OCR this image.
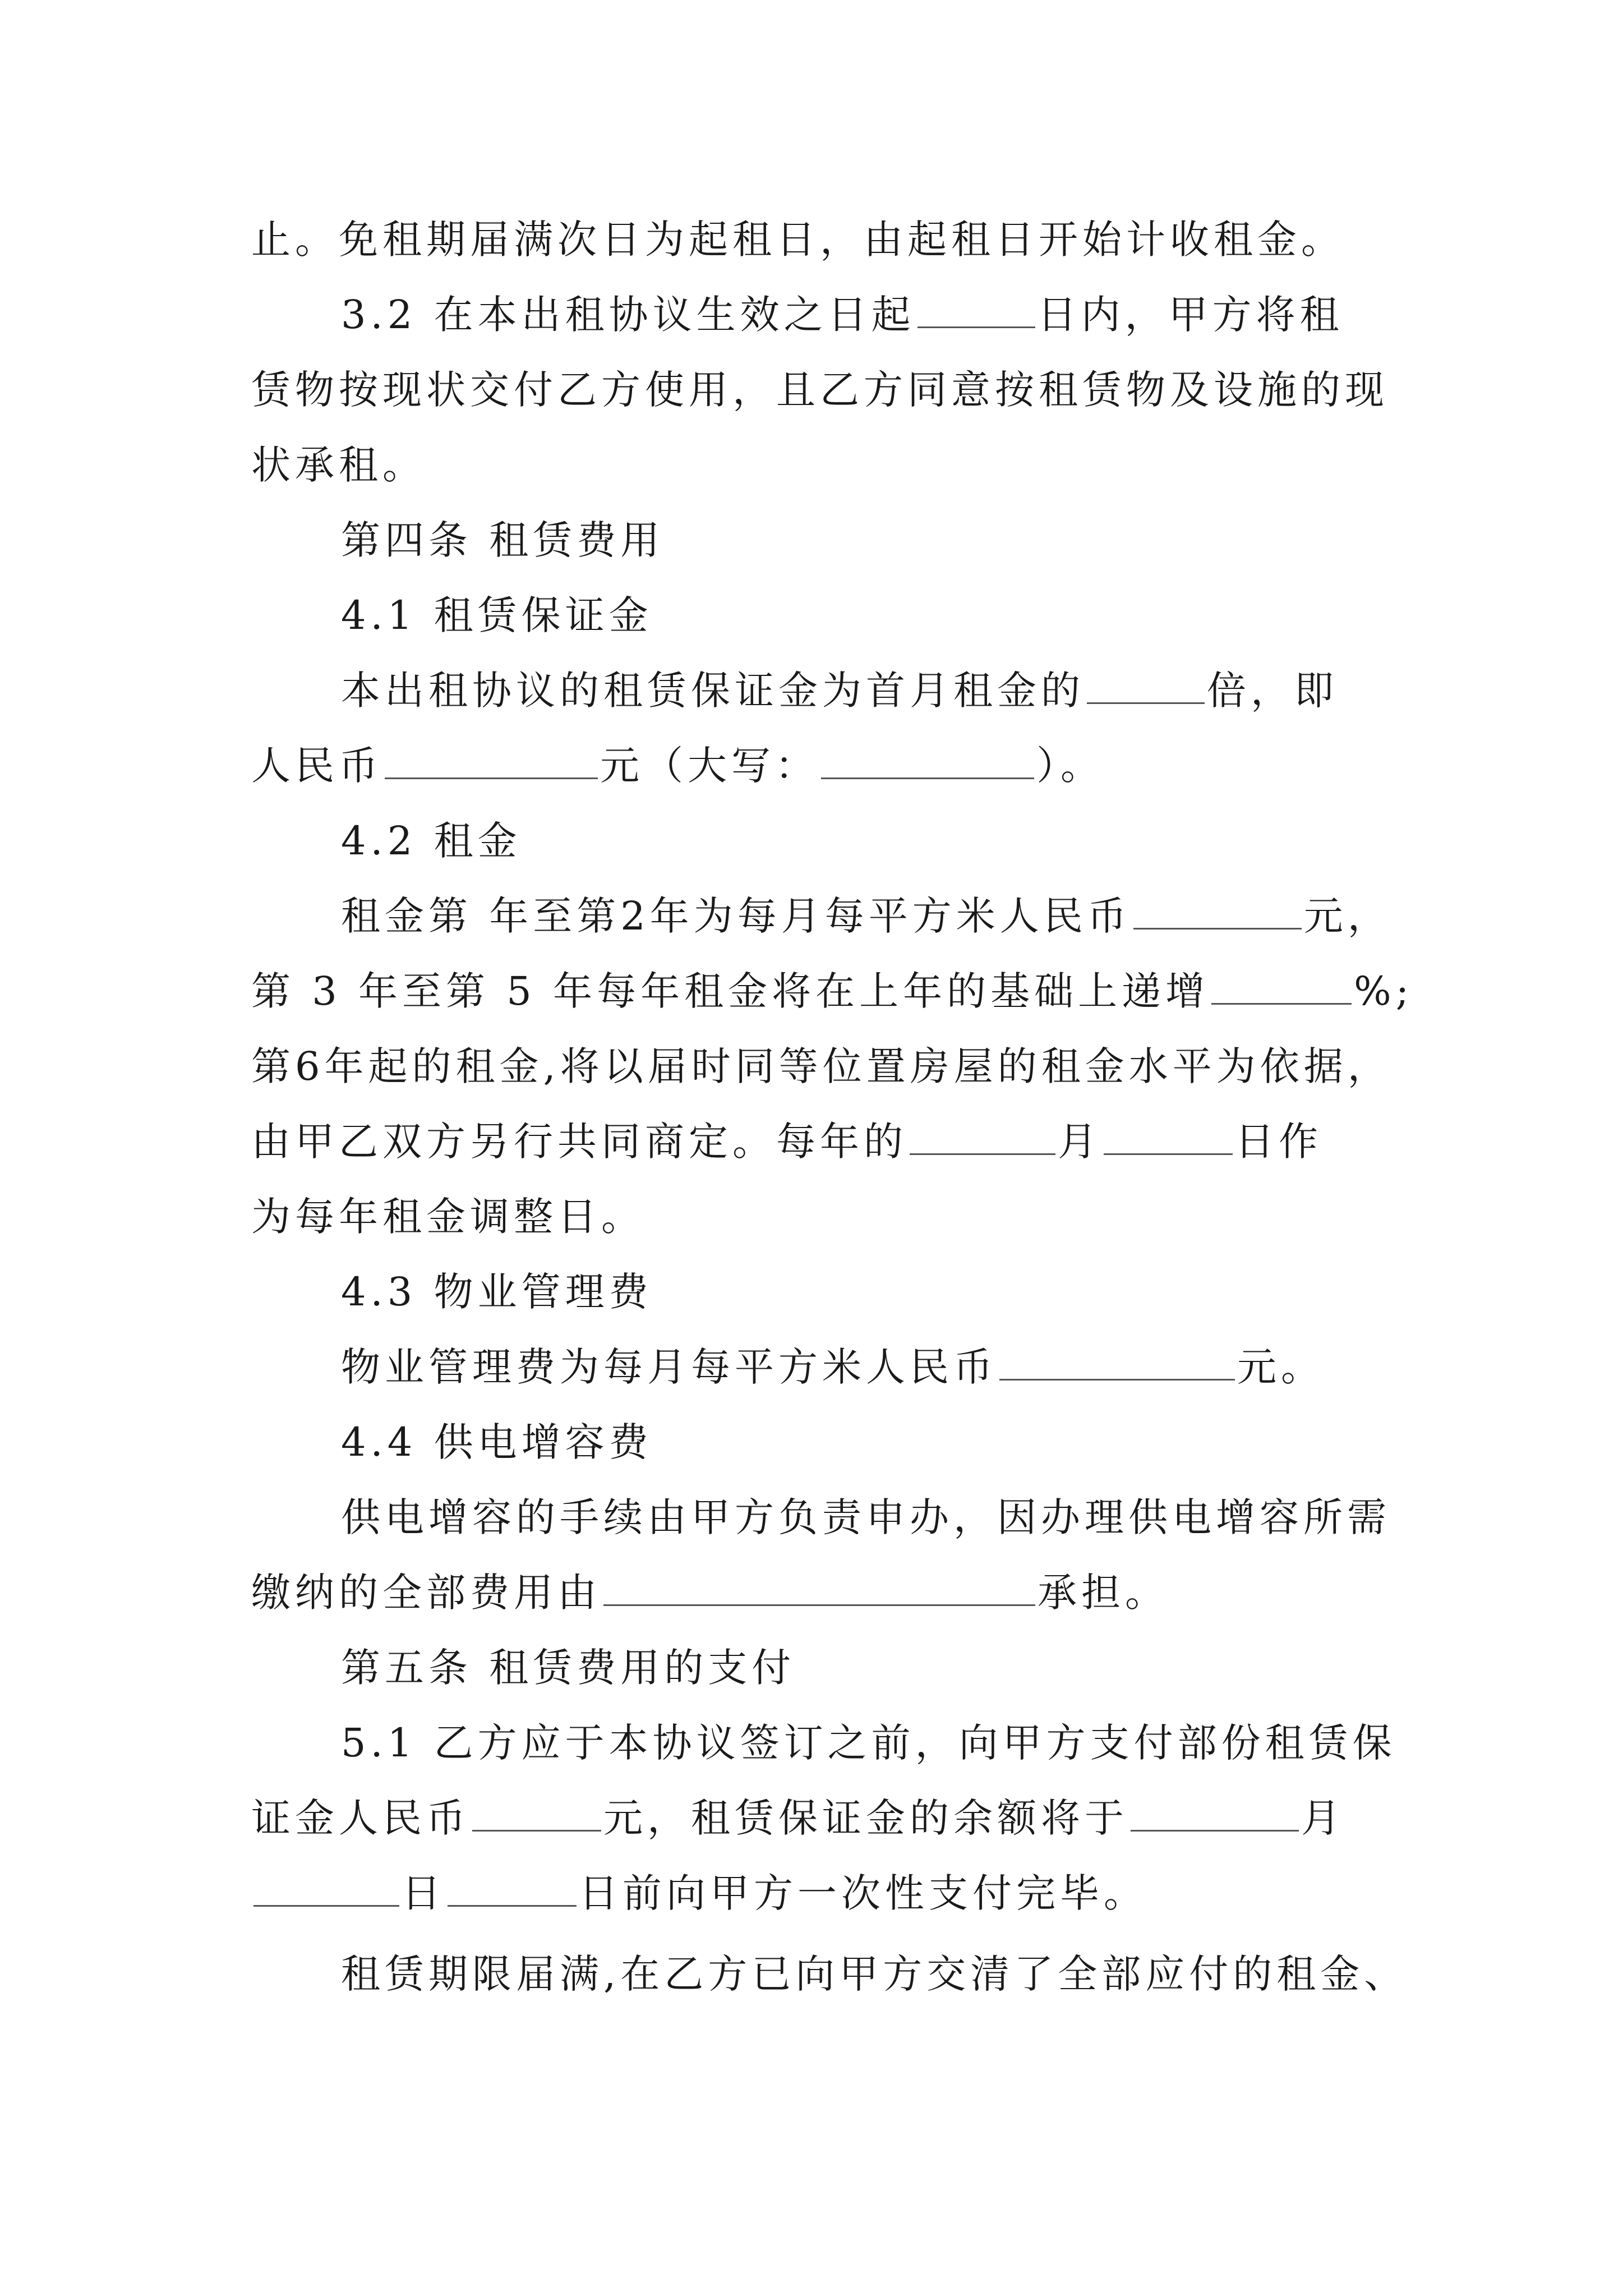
止。免租期届满次日为起租日，由起租日开始计收租金。
3.2 在本出租协议生效之日起	日内，甲方将租
赁物按现状交付乙方使用，且乙方同意按租赁物及设施的现
状承租。
第四条 租赁费用
4.1 租赁保证金
本出租协议的租赁保证金为首月租金的	倍，即
人民币	元（大写：	）。
4.2 租金
租金第 年至第2年为每月每平方米人民币	元，
第 3 年至第 5 年每年租金将在上年的基础上递增	%;
第6年起的租金,将以届时同等位置房屋的租金水平为依据，
由甲乙双方另行共同商定。每年的	月	日作
为每年租金调整日。
4.3 物业管理费
物业管理费为每月每平方米人民币	元。
4.4 供电增容费
供电增容的手续由甲方负责申办，因办理供电增容所需
缴纳的全部费用由	承担。
第五条 租赁费用的支付
5.1 乙方应于本协议签订之前，向甲方支付部份租赁保
证金人民币	元，租赁保证金的余额将于	月
日	日前向甲方一次性支付完毕。
租赁期限届满,在乙方已向甲方交清了全部应付的租金、
